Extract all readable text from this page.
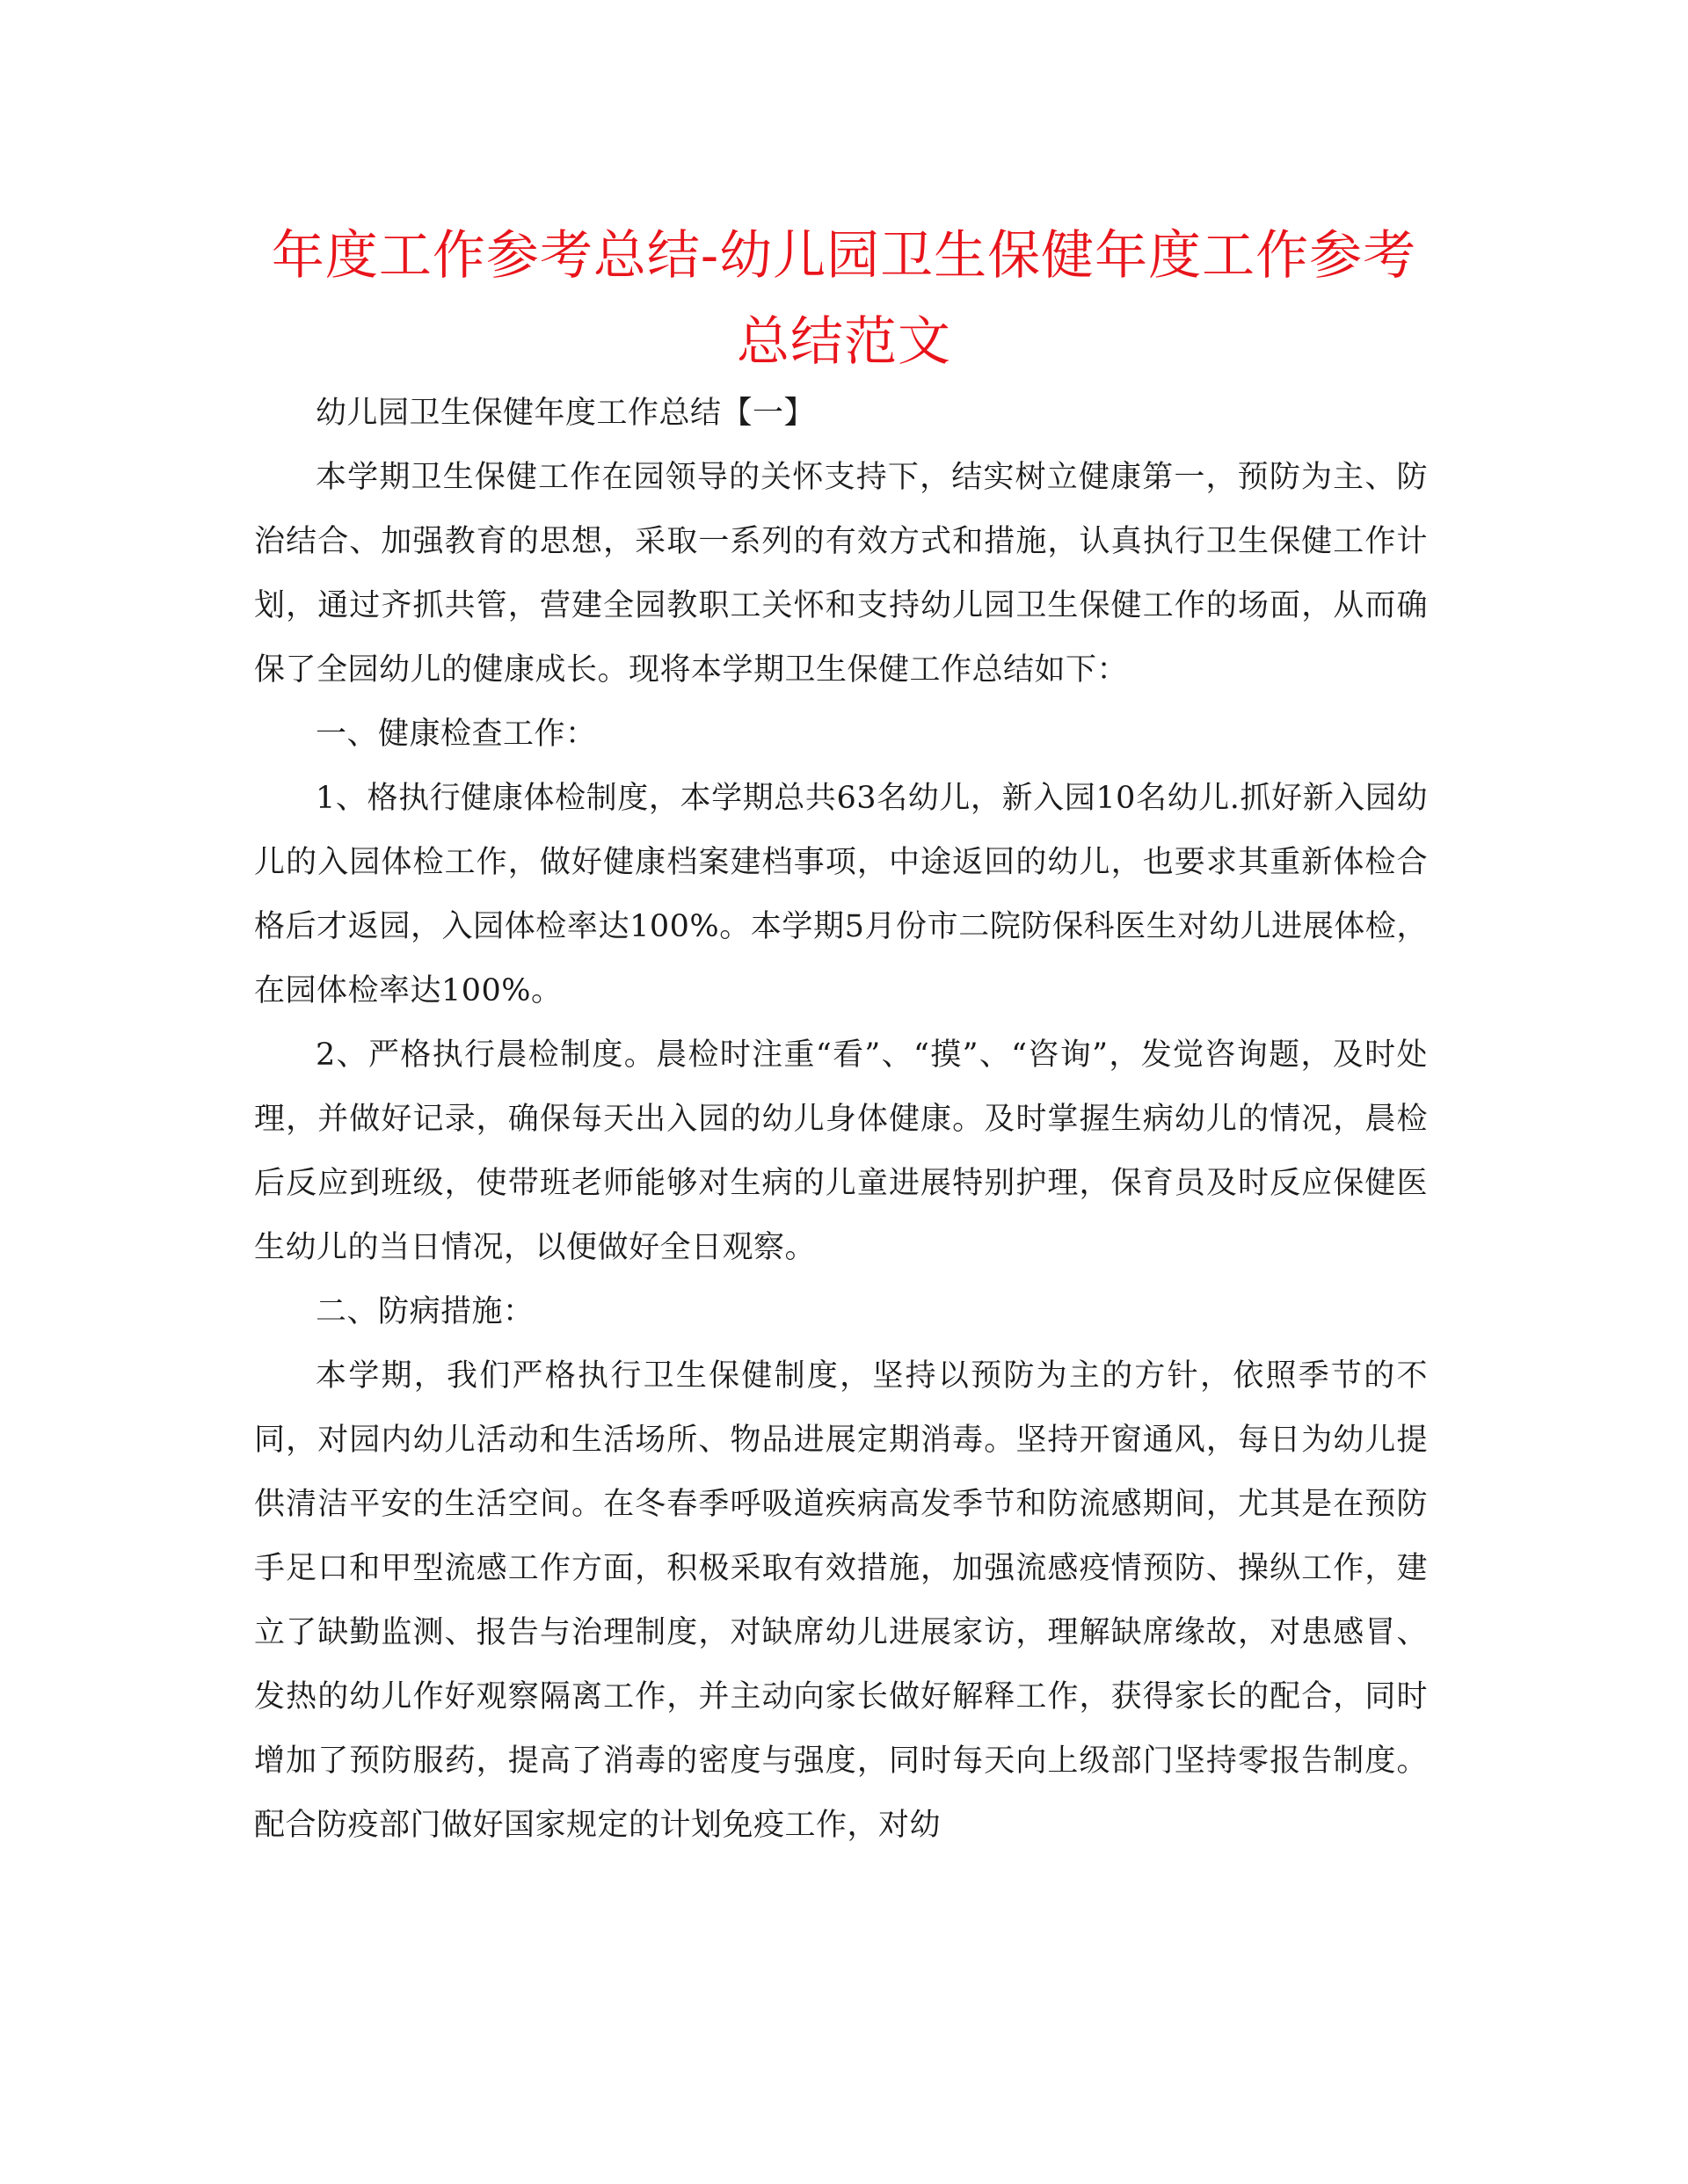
年度工作参考总结-幼儿园卫生保健年度工作参考总结范文

幼儿园卫生保健年度工作总结【一】

本学期卫生保健工作在园领导的关怀支持下，结实树立健康第一，预防为主、防治结合、加强教育的思想，采取一系列的有效方式和措施，认真执行卫生保健工作计划，通过齐抓共管，营建全园教职工关怀和支持幼儿园卫生保健工作的场面，从而确保了全园幼儿的健康成长。现将本学期卫生保健工作总结如下：

一、健康检查工作：

1、格执行健康体检制度，本学期总共63名幼儿，新入园10名幼儿.抓好新入园幼儿的入园体检工作，做好健康档案建档事项，中途返回的幼儿，也要求其重新体检合格后才返园，入园体检率达100%。本学期5月份市二院防保科医生对幼儿进展体检，在园体检率达100%。

2、严格执行晨检制度。晨检时注重“看”、“摸”、“咨询”，发觉咨询题，及时处理，并做好记录，确保每天出入园的幼儿身体健康。及时掌握生病幼儿的情况，晨检后反应到班级，使带班老师能够对生病的儿童进展特别护理，保育员及时反应保健医生幼儿的当日情况，以便做好全日观察。

二、防病措施：

本学期，我们严格执行卫生保健制度，坚持以预防为主的方针，依照季节的不同，对园内幼儿活动和生活场所、物品进展定期消毒。坚持开窗通风，每日为幼儿提供清洁平安的生活空间。在冬春季呼吸道疾病高发季节和防流感期间，尤其是在预防手足口和甲型流感工作方面，积极采取有效措施，加强流感疫情预防、操纵工作，建立了缺勤监测、报告与治理制度，对缺席幼儿进展家访，理解缺席缘故，对患感冒、发热的幼儿作好观察隔离工作，并主动向家长做好解释工作，获得家长的配合，同时增加了预防服药，提高了消毒的密度与强度，同时每天向上级部门坚持零报告制度。配合防疫部门做好国家规定的计划免疫工作，对幼
